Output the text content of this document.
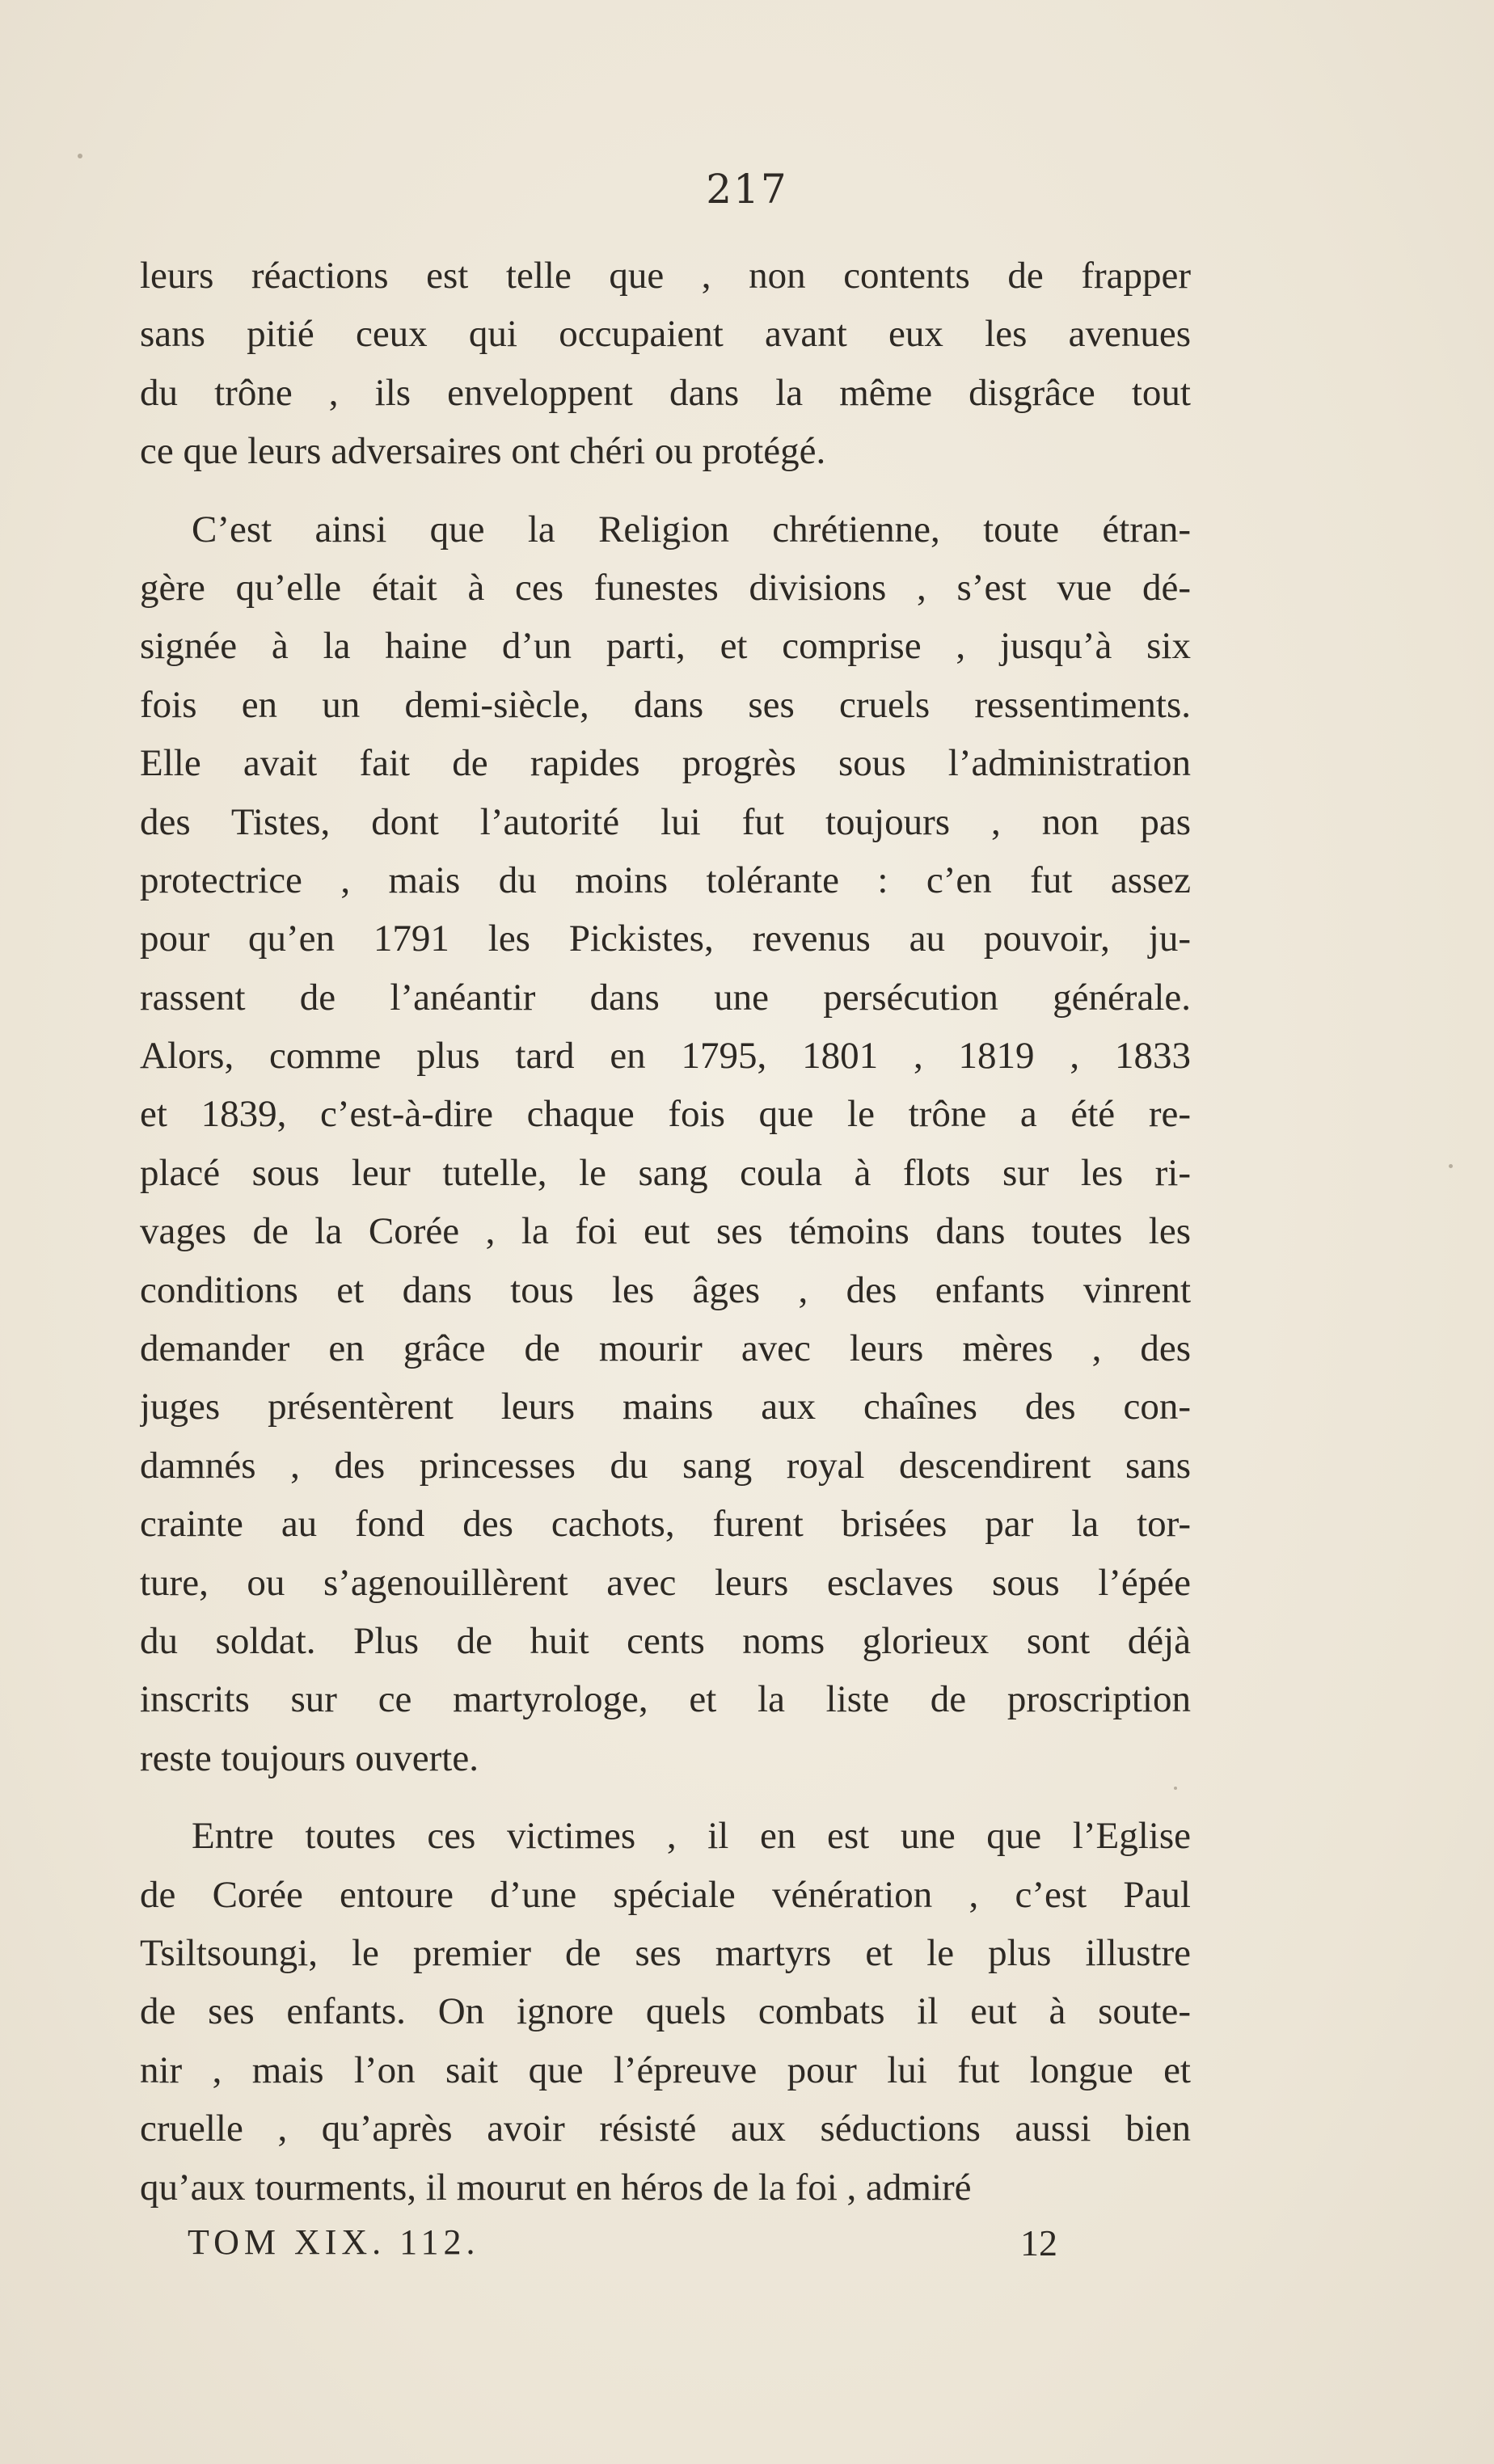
217
leurs réactions est telle que , non contents de frapper
sans pitié ceux qui occupaient avant eux les avenues
du trône , ils enveloppent dans la même disgrâce tout
ce que leurs adversaires ont chéri ou protégé.
C’est ainsi que la Religion chrétienne, toute étran-
gère qu’elle était à ces funestes divisions , s’est vue dé-
signée à la haine d’un parti, et comprise , jusqu’à six
fois en un demi-siècle, dans ses cruels ressentiments.
Elle avait fait de rapides progrès sous l’administration
des Tistes, dont l’autorité lui fut toujours , non pas
protectrice , mais du moins tolérante : c’en fut assez
pour qu’en 1791 les Pickistes, revenus au pouvoir, ju-
rassent de l’anéantir dans une persécution générale.
Alors, comme plus tard en 1795, 1801 , 1819 , 1833
et 1839, c’est-à-dire chaque fois que le trône a été re-
placé sous leur tutelle, le sang coula à flots sur les ri-
vages de la Corée , la foi eut ses témoins dans toutes les
conditions et dans tous les âges , des enfants vinrent
demander en grâce de mourir avec leurs mères , des
juges présentèrent leurs mains aux chaînes des con-
damnés , des princesses du sang royal descendirent sans
crainte au fond des cachots, furent brisées par la tor-
ture, ou s’agenouillèrent avec leurs esclaves sous l’épée
du soldat. Plus de huit cents noms glorieux sont déjà
inscrits sur ce martyrologe, et la liste de proscription
reste toujours ouverte.
Entre toutes ces victimes , il en est une que l’Eglise
de Corée entoure d’une spéciale vénération , c’est Paul
Tsiltsoungi, le premier de ses martyrs et le plus illustre
de ses enfants. On ignore quels combats il eut à soute-
nir , mais l’on sait que l’épreuve pour lui fut longue et
cruelle , qu’après avoir résisté aux séductions aussi bien
qu’aux tourments, il mourut en héros de la foi , admiré
TOM XIX. 112.	12
